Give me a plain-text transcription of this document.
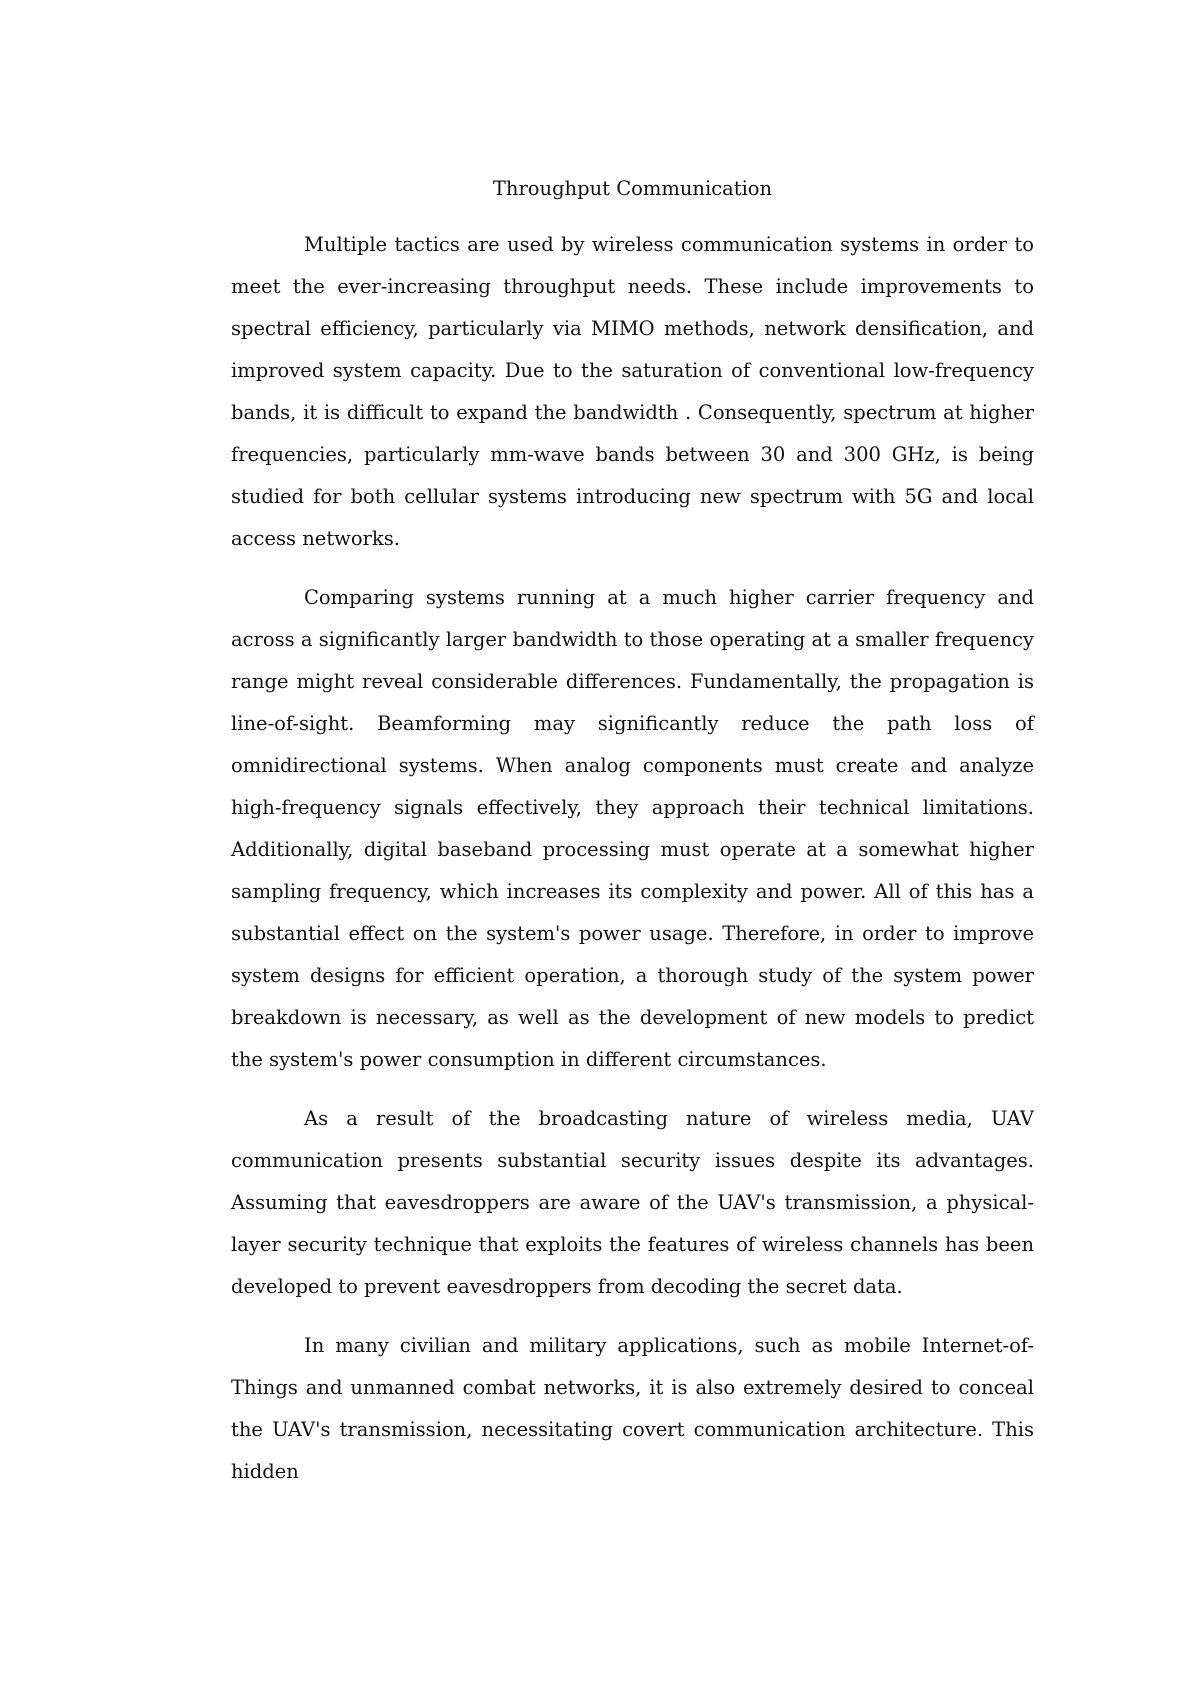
Throughput Communication

Multiple tactics are used by wireless communication systems in order to meet the ever-increasing throughput needs. These include improvements to spectral efficiency, particularly via MIMO methods, network densification, and improved system capacity. Due to the saturation of conventional low-frequency bands, it is difficult to expand the bandwidth . Consequently, spectrum at higher frequencies, particularly mm-wave bands between 30 and 300 GHz, is being studied for both cellular systems introducing new spectrum with 5G and local access networks.

Comparing systems running at a much higher carrier frequency and across a significantly larger bandwidth to those operating at a smaller frequency range might reveal considerable differences. Fundamentally, the propagation is line-of-sight. Beamforming may significantly reduce the path loss of omnidirectional systems. When analog components must create and analyze high-frequency signals effectively, they approach their technical limitations. Additionally, digital baseband processing must operate at a somewhat higher sampling frequency, which increases its complexity and power. All of this has a substantial effect on the system's power usage. Therefore, in order to improve system designs for efficient operation, a thorough study of the system power breakdown is necessary, as well as the development of new models to predict the system's power consumption in different circumstances.

As a result of the broadcasting nature of wireless media, UAV communication presents substantial security issues despite its advantages. Assuming that eavesdroppers are aware of the UAV's transmission, a physical-layer security technique that exploits the features of wireless channels has been developed to prevent eavesdroppers from decoding the secret data.

In many civilian and military applications, such as mobile Internet-of-Things and unmanned combat networks, it is also extremely desired to conceal the UAV's transmission, necessitating covert communication architecture. This hidden
